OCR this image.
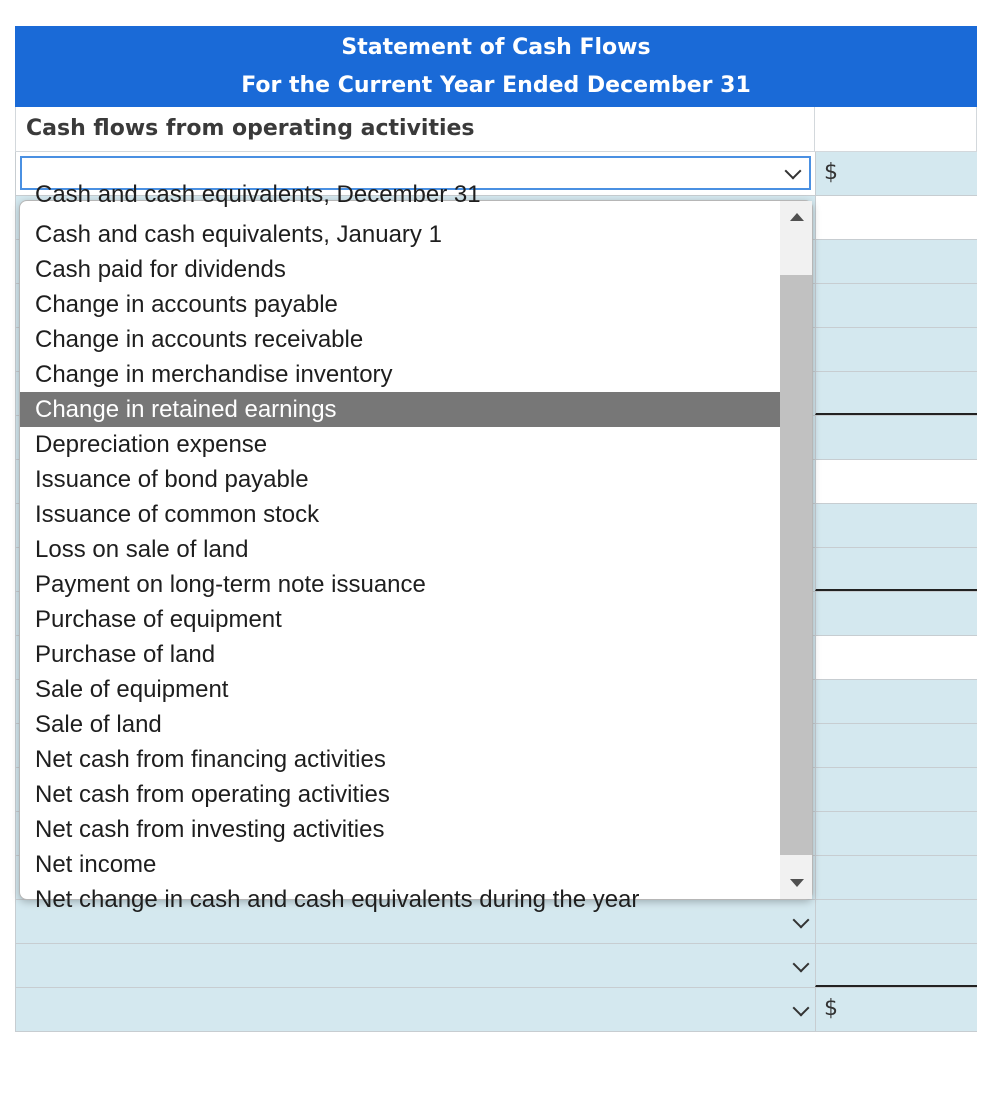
Statement of Cash Flows
For the Current Year Ended December 31
Cash flows from operating activities
$
$
Cash and cash equivalents, December 31
Cash and cash equivalents, January 1
Cash paid for dividends
Change in accounts payable
Change in accounts receivable
Change in merchandise inventory
Change in retained earnings
Depreciation expense
Issuance of bond payable
Issuance of common stock
Loss on sale of land
Payment on long-term note issuance
Purchase of equipment
Purchase of land
Sale of equipment
Sale of land
Net cash from financing activities
Net cash from operating activities
Net cash from investing activities
Net income
Net change in cash and cash equivalents during the year
